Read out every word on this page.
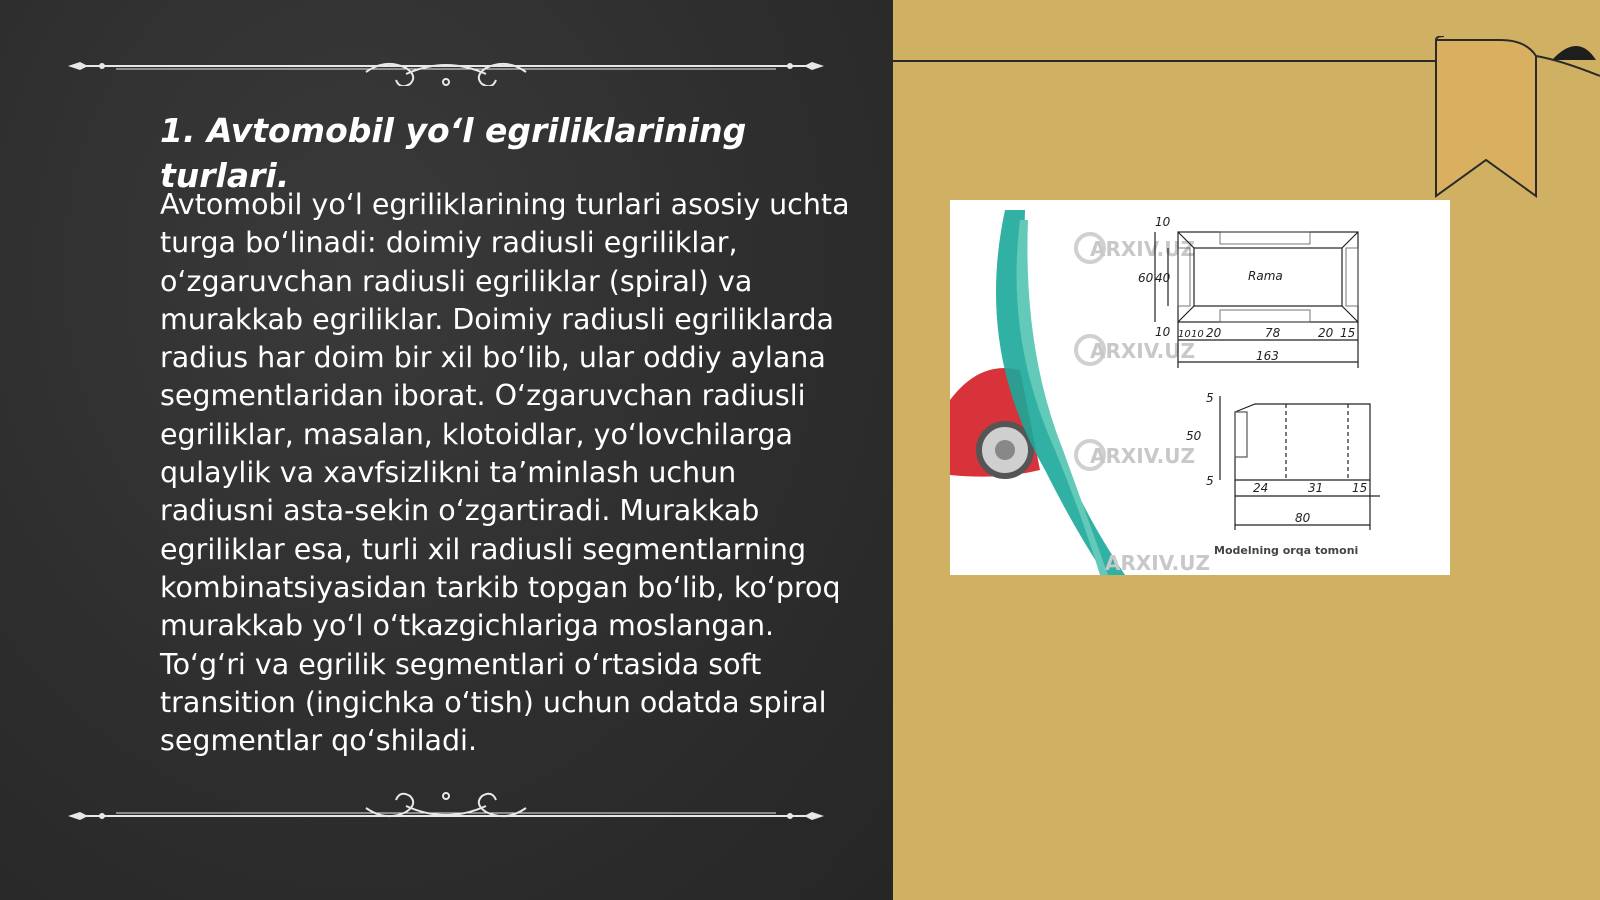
1. Avtomobil yo‘l egriliklarining turlari.

Avtomobil yo‘l egriliklarining turlari asosiy uchta turga bo‘linadi: doimiy radiusli egriliklar, o‘zgaruvchan radiusli egriliklar (spiral) va murakkab egriliklar. Doimiy radiusli egriliklarda radius har doim bir xil bo‘lib, ular oddiy aylana segmentlaridan iborat. O‘zgaruvchan radiusli egriliklar, masalan, klotoidlar, yo‘lovchilarga qulaylik va xavfsizlikni ta’minlash uchun radiusni asta-sekin o‘zgartiradi. Murakkab egriliklar esa, turli xil radiusli segmentlarning kombinatsiyasidan tarkib topgan bo‘lib, ko‘proq murakkab yo‘l o‘tkazgichlariga moslangan. To‘g‘ri va egrilik segmentlari o‘rtasida soft transition (ingichka o‘tish) uchun odatda spiral segmentlar qo‘shiladi.

ARXIV.UZ
ARXIV.UZ
ARXIV.UZ
ARXIV.UZ
Rama
60 40
10
10 10 10 20	78	20 15
163
5
50
5	24	31 15
80
Modelning orqa tomoni
